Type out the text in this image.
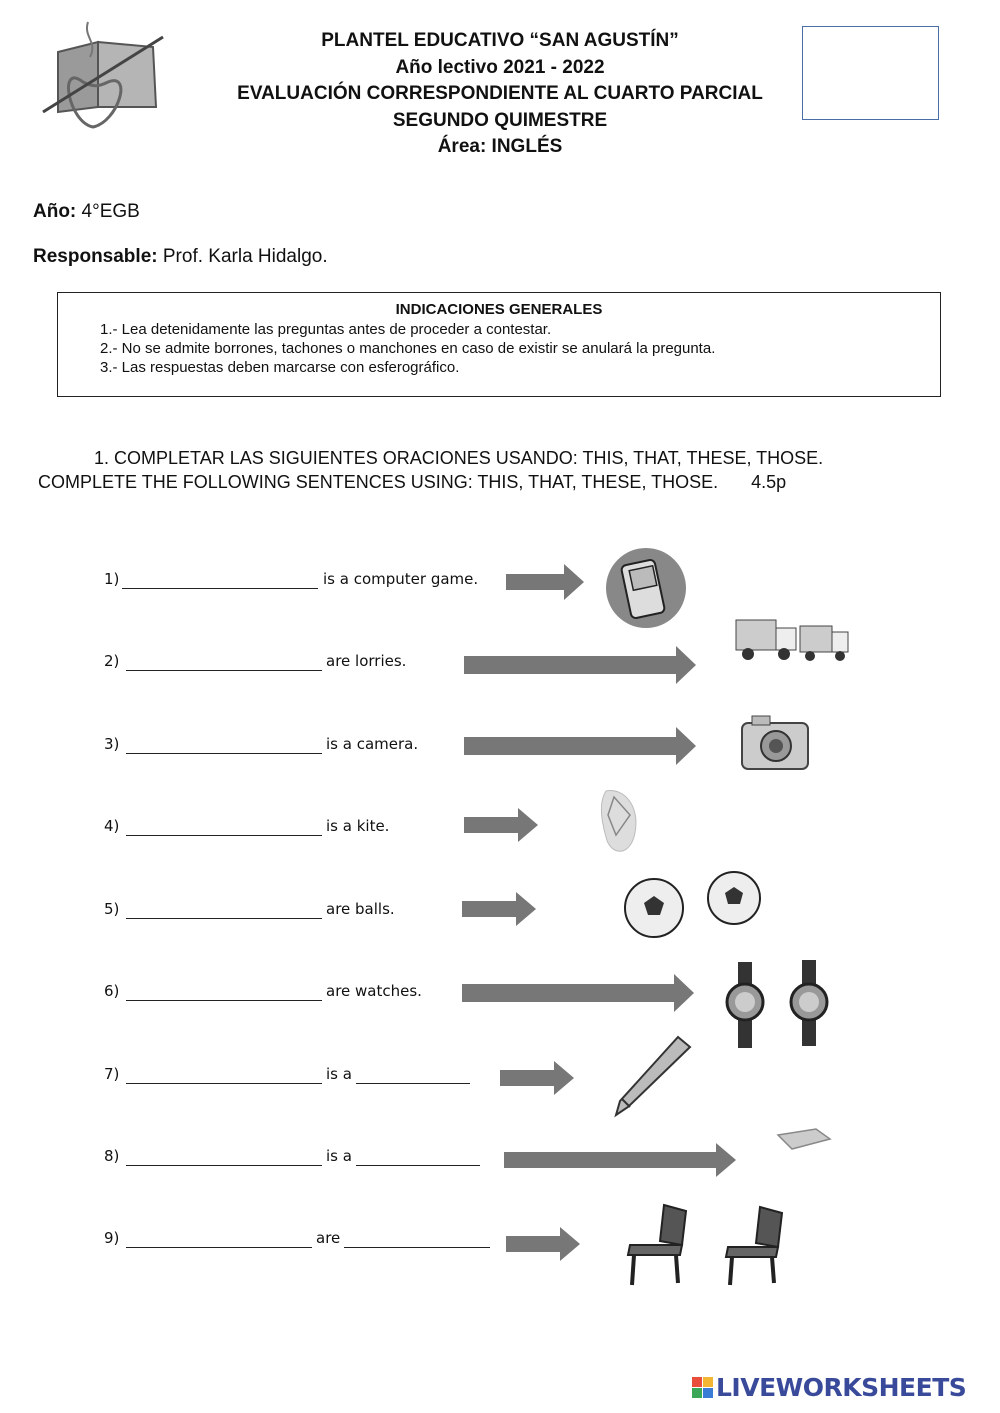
PLANTEL EDUCATIVO “SAN AGUSTÍN”
Año lectivo 2021 - 2022
EVALUACIÓN CORRESPONDIENTE AL CUARTO PARCIAL
SEGUNDO QUIMESTRE
Área: INGLÉS
Año: 4°EGB
Responsable: Prof. Karla Hidalgo.
INDICACIONES GENERALES
1.- Lea detenidamente las preguntas antes de proceder a contestar.
2.- No se admite borrones, tachones o manchones en caso de existir se anulará la pregunta.
3.- Las respuestas deben marcarse con esferográfico.
1. COMPLETAR LAS SIGUIENTES ORACIONES USANDO: THIS, THAT, THESE, THOSE.
COMPLETE THE FOLLOWING SENTENCES USING: THIS, THAT, THESE, THOSE. 4.5p
1)	is a computer game.
2)	are lorries.
3)	is a camera.
4)	is a kite.
5)	are balls.
6)	are watches.
7)	is a
8)	is a
9)	are
LIVEWORKSHEETS
